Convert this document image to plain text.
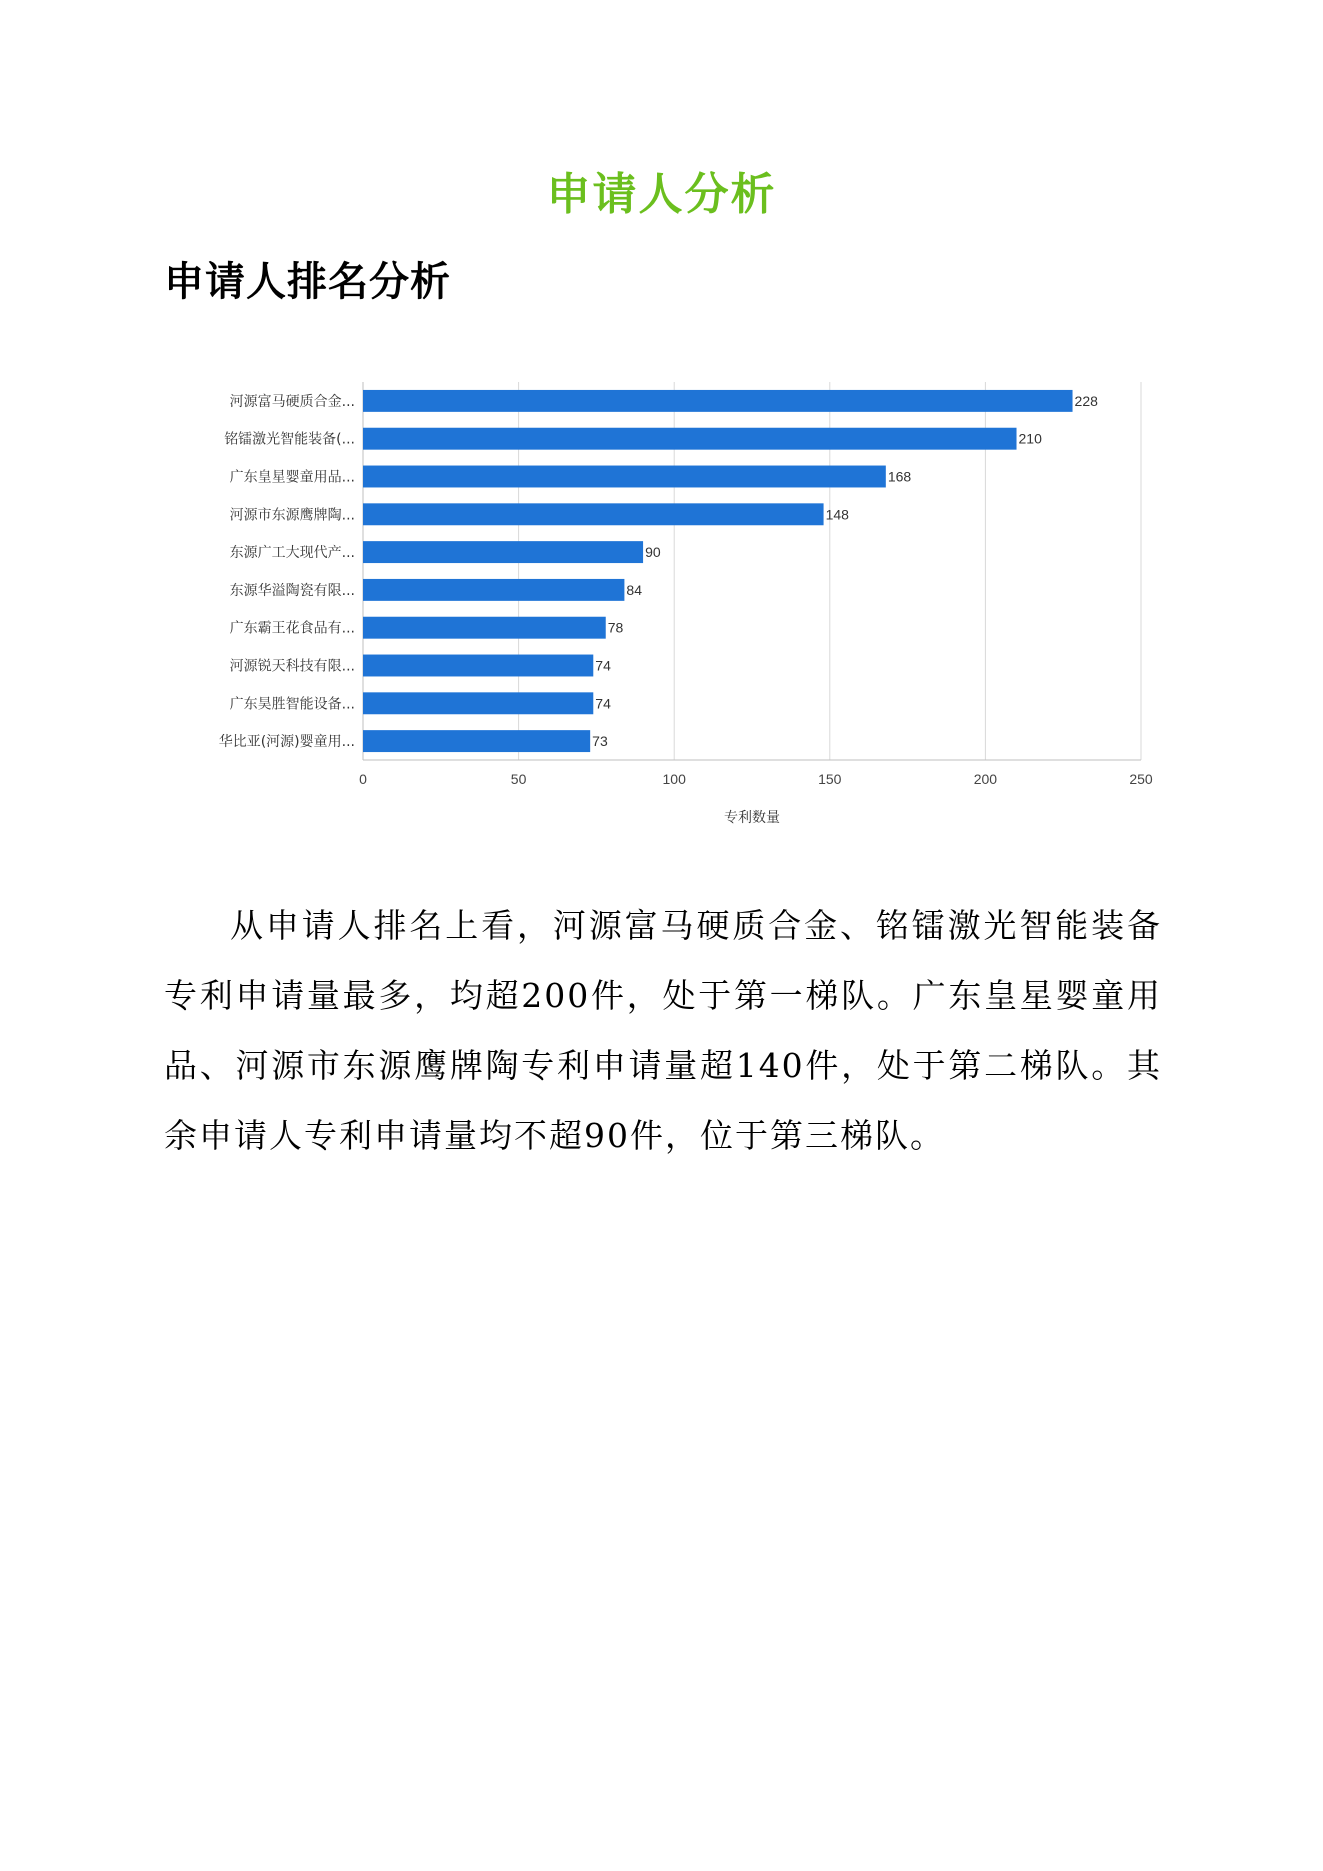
申请人分析
申请人排名分析
0	50	100	150	200	250
河源富马硬质合金...	228
铭镭激光智能装备(...	210
广东皇星婴童用品...	168
河源市东源鹰牌陶...	148
东源广工大现代产...	90
东源华溢陶瓷有限...	84
广东霸王花食品有...	78
河源锐天科技有限...	74
广东昊胜智能设备...	74
华比亚(河源)婴童用...	73
专利数量

从申请人排名上看，河源富马硬质合金、铭镭激光智能装备专利申请量最多，均超200件，处于第一梯队。广东皇星婴童用品、河源市东源鹰牌陶专利申请量超140件，处于第二梯队。其余申请人专利申请量均不超90件，位于第三梯队。
